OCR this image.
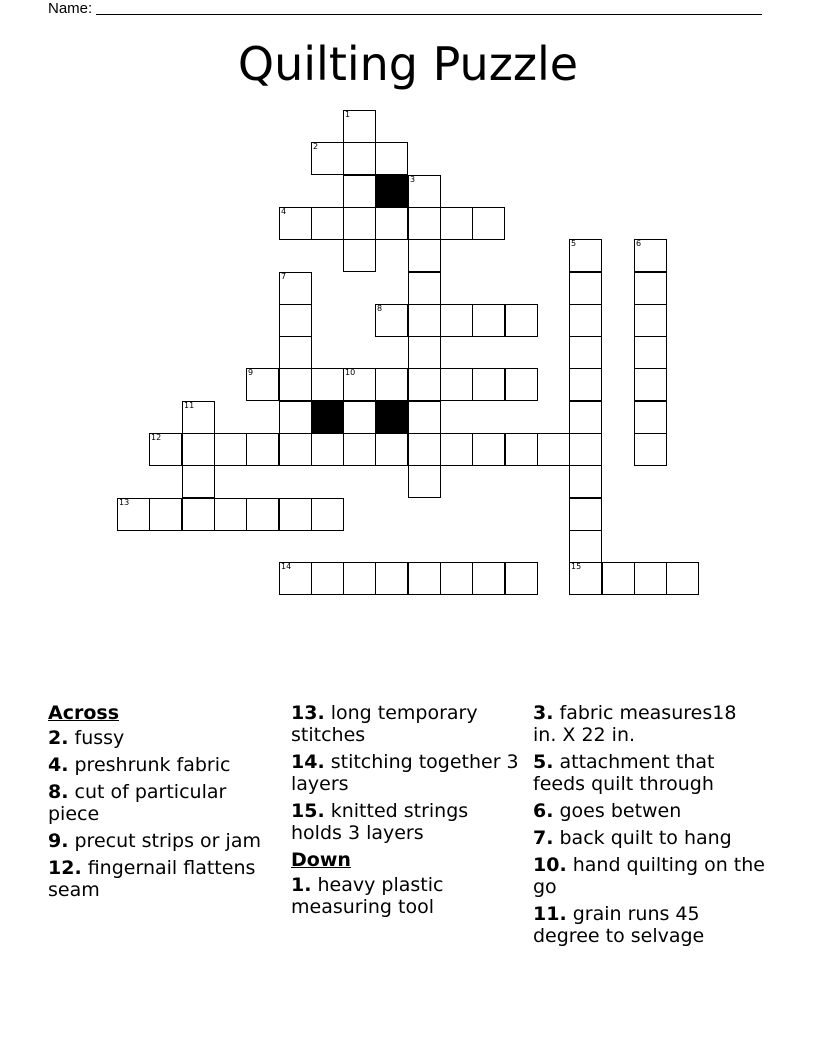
Name:
Quilting Puzzle
1
2
3
4
5
15
6
7
8
9	10
11
12
13
14
Across
2. fussy
4. preshrunk fabric
8. cut of particular piece
9. precut strips or jam
12. fingernail flattens seam
13. long temporary stitches
14. stitching together 3 layers
15. knitted strings holds 3 layers
Down
1. heavy plastic measuring tool
3. fabric measures18 in. X 22 in.
5. attachment that feeds quilt through
6. goes betwen
7. back quilt to hang
10. hand quilting on the go
11. grain runs 45 degree to selvage
